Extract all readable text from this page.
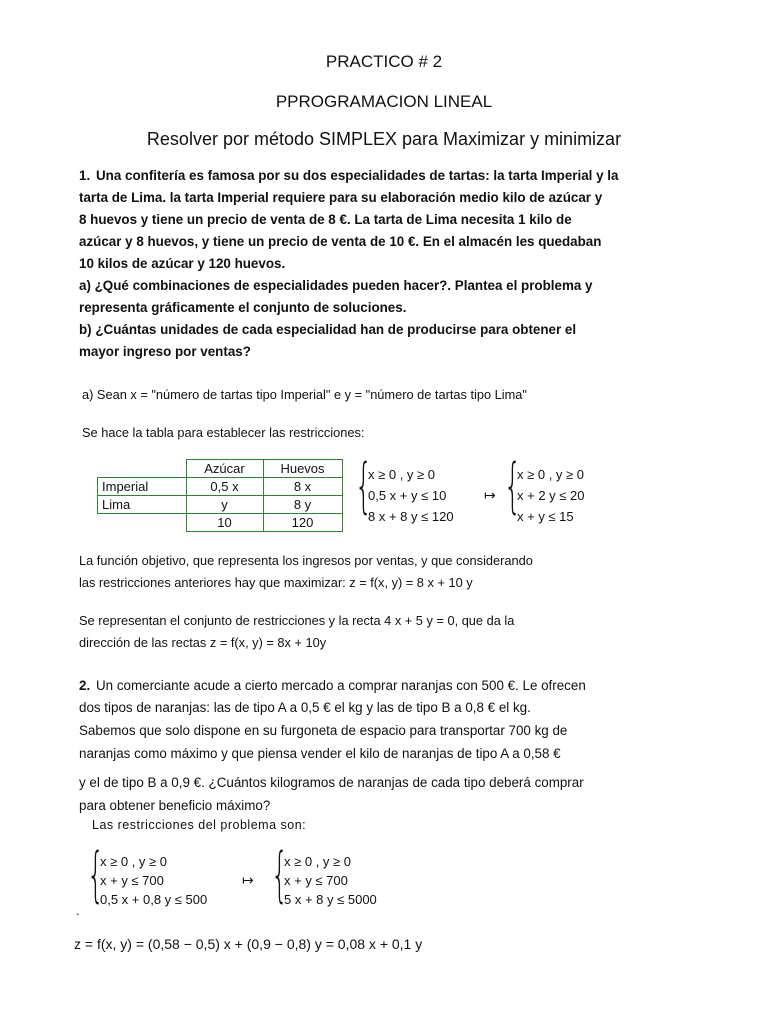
PRACTICO # 2
PPROGRAMACION LINEAL
Resolver por método SIMPLEX para Maximizar y minimizar
1. Una confitería es famosa por su dos especialidades de tartas: la tarta Imperial y la
tarta de Lima. la tarta Imperial requiere para su elaboración medio kilo de azúcar y
8 huevos y tiene un precio de venta de 8 €. La tarta de Lima necesita 1 kilo de
azúcar y 8 huevos, y tiene un precio de venta de 10 €. En el almacén les quedaban
10 kilos de azúcar y 120 huevos.
a) ¿Qué combinaciones de especialidades pueden hacer?. Plantea el problema y
representa gráficamente el conjunto de soluciones.
b) ¿Cuántas unidades de cada especialidad han de producirse para obtener el
mayor ingreso por ventas?
a) Sean x = "número de tartas tipo Imperial" e y = "número de tartas tipo Lima"
Se hace la tabla para establecer las restricciones:
	Azúcar	Huevos
Imperial	0,5 x	8 x
Lima	y	8 y
	10	120
{
x ≥ 0 , y ≥ 0
0,5 x + y ≤ 10
8 x + 8 y ≤ 120
↦ {
x ≥ 0 , y ≥ 0
x + 2 y ≤ 20
x + y ≤ 15
La función objetivo, que representa los ingresos por ventas, y que considerando
las restricciones anteriores hay que maximizar: z = f(x, y) = 8 x + 10 y
Se representan el conjunto de restricciones y la recta 4 x + 5 y = 0, que da la
dirección de las rectas z = f(x, y) = 8x + 10y
2. Un comerciante acude a cierto mercado a comprar naranjas con 500 €. Le ofrecen
dos tipos de naranjas: las de tipo A a 0,5 € el kg y las de tipo B a 0,8 € el kg.
Sabemos que solo dispone en su furgoneta de espacio para transportar 700 kg de
naranjas como máximo y que piensa vender el kilo de naranjas de tipo A a 0,58 €
y el de tipo B a 0,9 €. ¿Cuántos kilogramos de naranjas de cada tipo deberá comprar
para obtener beneficio máximo?
Las restricciones del problema son:
{
x ≥ 0 , y ≥ 0
x + y ≤ 700
0,5 x + 0,8 y ≤ 500
↦ {
x ≥ 0 , y ≥ 0
x + y ≤ 700
5 x + 8 y ≤ 5000
.
z = f(x, y) = (0,58 − 0,5) x + (0,9 − 0,8) y = 0,08 x + 0,1 y
